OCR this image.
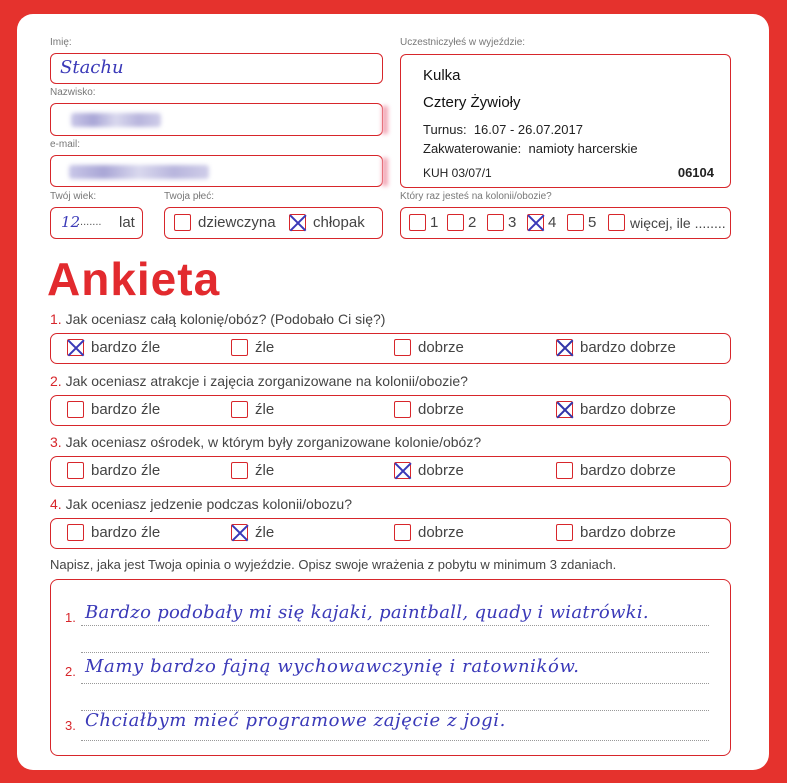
Imię:
Stachu
Nazwisko:
e-mail:
Twój wiek:
12
........ lat
Twoja płeć:
dziewczyna chłopak
Uczestniczyłeś w wyjeździe:
Kulka
Cztery Żywioły
Turnus: 16.07 - 26.07.2017
Zakwaterowanie: namioty harcerskie
KUH 03/07/1	06104
Który raz jesteś na kolonii/obozie?
1 2 3 4 5 więcej, ile ........
Ankieta
1. Jak oceniasz całą kolonię/obóz? (Podobało Ci się?)
bardzo źle	źle	dobrze	bardzo dobrze
2. Jak oceniasz atrakcje i zajęcia zorganizowane na kolonii/obozie?
bardzo źle	źle	dobrze	bardzo dobrze
3. Jak oceniasz ośrodek, w którym były zorganizowane kolonie/obóz?
bardzo źle	źle	dobrze	bardzo dobrze
4. Jak oceniasz jedzenie podczas kolonii/obozu?
bardzo źle	źle	dobrze	bardzo dobrze
Napisz, jaka jest Twoja opinia o wyjeździe. Opisz swoje wrażenia z pobytu w minimum 3 zdaniach.
1. Bardzo podobały mi się kajaki, paintball, quady i wiatrówki.
2. Mamy bardzo fajną wychowawczynię i ratowników.
3. Chciałbym mieć programowe zajęcie z jogi.
